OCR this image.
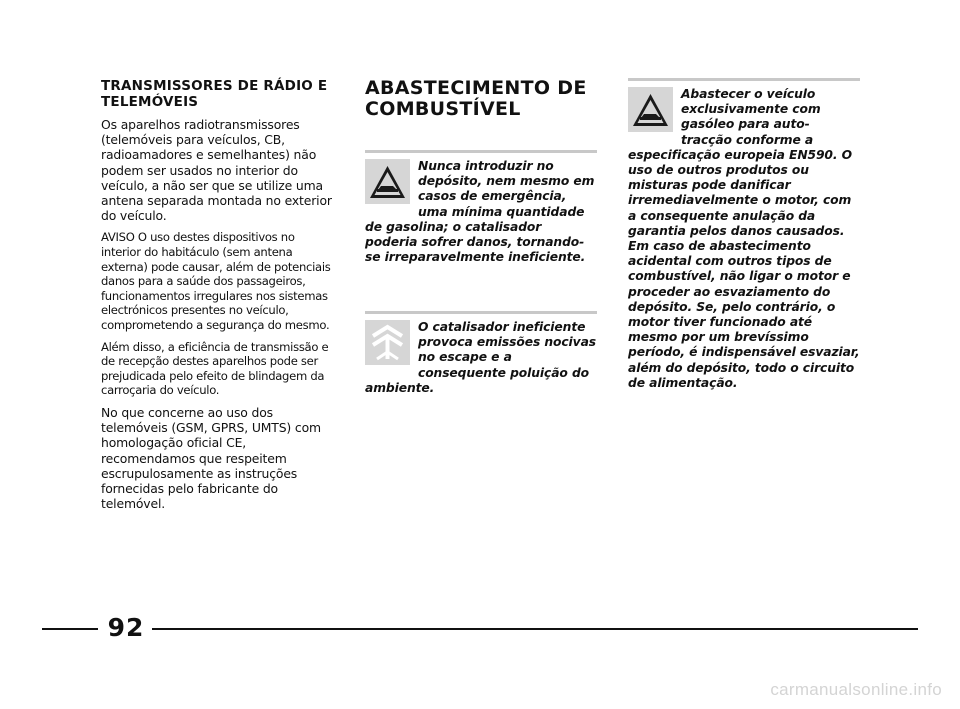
TRANSMISSORES DE RÁDIO E TELEMÓVEIS

Os aparelhos radiotransmissores (telemóveis para veículos, CB, radioamadores e semelhantes) não podem ser usados no interior do veículo, a não ser que se utilize uma antena separada montada no exterior do veículo.

AVISO O uso destes dispositivos no interior do habitáculo (sem antena externa) pode causar, além de potenciais danos para a saúde dos passageiros, funcionamentos irregulares nos sistemas electrónicos presentes no veículo, comprometendo a segurança do mesmo.

Além disso, a eficiência de transmissão e de recepção destes aparelhos pode ser prejudicada pelo efeito de blindagem da carroçaria do veículo.

No que concerne ao uso dos telemóveis (GSM, GPRS, UMTS) com homologação oficial CE, recomendamos que respeitem escrupulosamente as instruções fornecidas pelo fabricante do telemóvel.

ABASTECIMENTO DE COMBUSTÍVEL

Nunca introduzir no depósito, nem mesmo em casos de emergência, uma mínima quantidade de gasolina; o catalisador poderia sofrer danos, tornando-se irreparavelmente ineficiente.

O catalisador ineficiente provoca emissões nocivas no escape e a consequente poluição do ambiente.

Abastecer o veículo exclusivamente com gasóleo para auto-tracção conforme a especificação europeia EN590. O uso de outros produtos ou misturas pode danificar irremediavelmente o motor, com a consequente anulação da garantia pelos danos causados. Em caso de abastecimento acidental com outros tipos de combustível, não ligar o motor e proceder ao esvaziamento do depósito. Se, pelo contrário, o motor tiver funcionado até mesmo por um brevíssimo período, é indispensável esvaziar, além do depósito, todo o circuito de alimentação.

92
carmanualsonline.info
